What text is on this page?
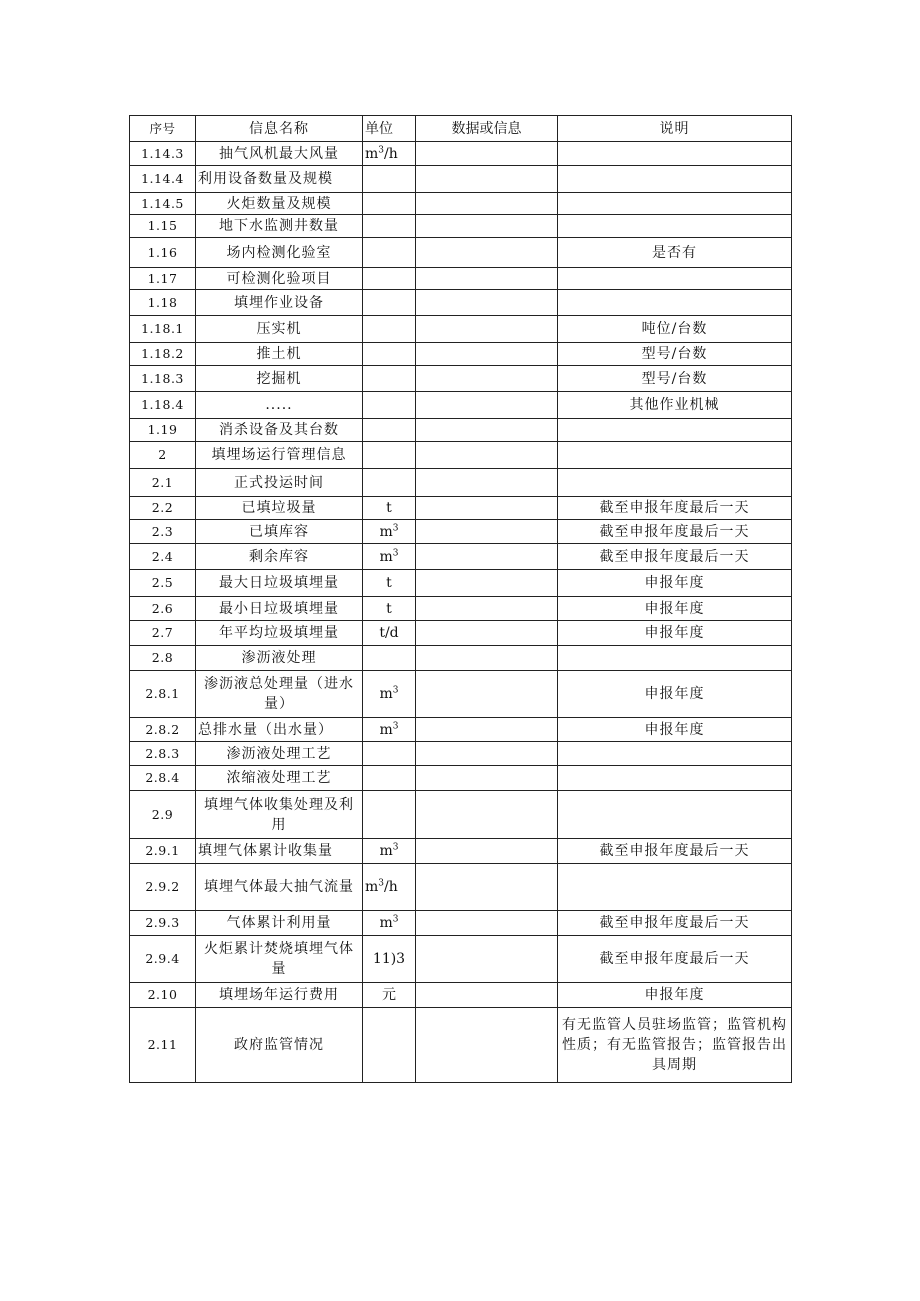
序号	信息名称	单位	数据或信息	说明
1.14.3	抽气风机最大风量	$m^3/h$		
1.14.4	利用设备数量及规模			
1.14.5	火炬数量及规模			
1.15	地下水监测井数量			
1.16	场内检测化验室			是否有
1.17	可检测化验项目			
1.18	填埋作业设备			
1.18.1	压实机			吨位/台数
1.18.2	推土机			型号/台数
1.18.3	挖掘机			型号/台数
1.18.4	.....			其他作业机械
1.19	消杀设备及其台数			
2	填埋场运行管理信息			
2.1	正式投运时间			
2.2	已填垃圾量	t		截至申报年度最后一天
2.3	已填库容	$m^3$		截至申报年度最后一天
2.4	剩余库容	$m^3$		截至申报年度最后一天
2.5	最大日垃圾填埋量	t		申报年度
2.6	最小日垃圾填埋量	t		申报年度
2.7	年平均垃圾填埋量	t/d		申报年度
2.8	渗沥液处理			
2.8.1	渗沥液总处理量（进水量）	$m^3$		申报年度
2.8.2	总排水量（出水量）	$m^3$		申报年度
2.8.3	渗沥液处理工艺			
2.8.4	浓缩液处理工艺			
2.9	填埋气体收集处理及利用			
2.9.1	填埋气体累计收集量	$m^3$		截至申报年度最后一天
2.9.2	填埋气体最大抽气流量	$m^3/h$		
2.9.3	气体累计利用量	$m^3$		截至申报年度最后一天
2.9.4	火炬累计焚烧填埋气体量	11)3		截至申报年度最后一天
2.10	填埋场年运行费用	元		申报年度
2.11	政府监管情况			有无监管人员驻场监管；监管机构性质；有无监管报告；监管报告出具周期
